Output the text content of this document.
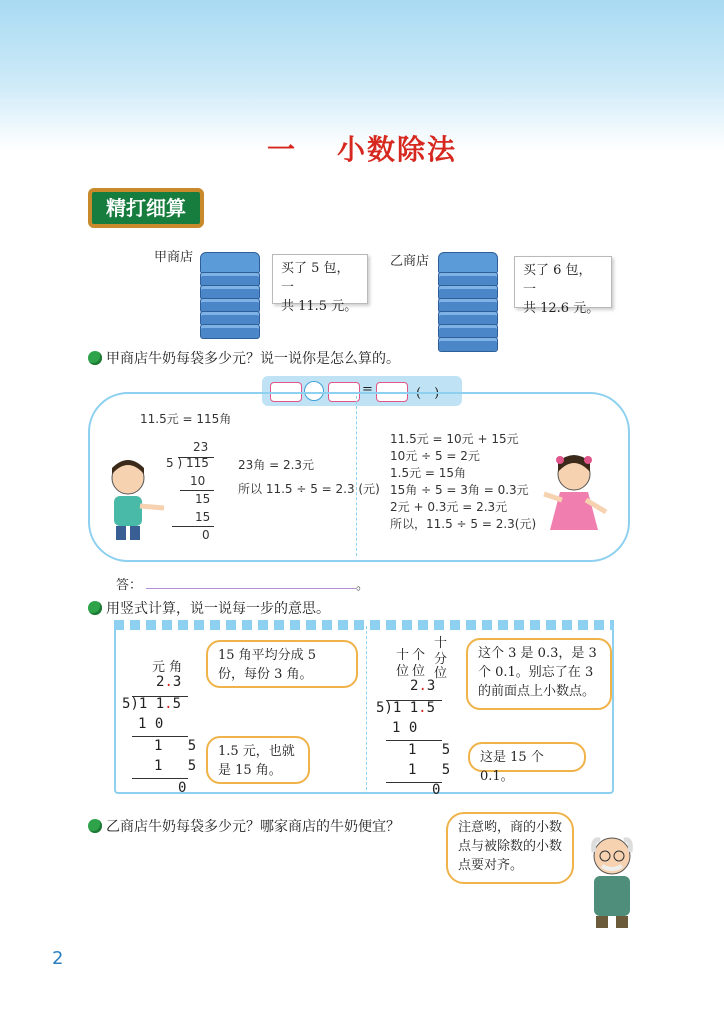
一 小数除法
精打细算
甲商店
买了 5 包，一
共 11.5 元。
乙商店
买了 6 包，一
共 12.6 元。
甲商店牛奶每袋多少元？说一说你是怎么算的。
=	(　)
11.5元 = 115角
23
5 ) 115
10
15
15
0
23角 = 2.3元
所以 11.5 ÷ 5 = 2.3 (元)
11.5元 = 10元 + 15元
10元 ÷ 5 = 2元
1.5元 = 15角
15角 ÷ 5 = 3角 = 0.3元
2元 + 0.3元 = 2.3元
所以，11.5 ÷ 5 = 2.3(元)
答：	。
用竖式计算，说一说每一步的意思。
元 角
2.3
5)1 1.5
1 0
1   5
1   5
0
15 角平均分成 5 份，每份 3 角。
1.5 元，也就是 15 角。
十
十 个 分
位 位 位
2.3
5)1 1.5
1 0
1   5
1   5
0
这个 3 是 0.3，是 3 个 0.1。别忘了在 3 的前面点上小数点。
这是 15 个 0.1。
乙商店牛奶每袋多少元？哪家商店的牛奶便宜？	注意哟，商的小数点与被除数的小数点要对齐。
2
